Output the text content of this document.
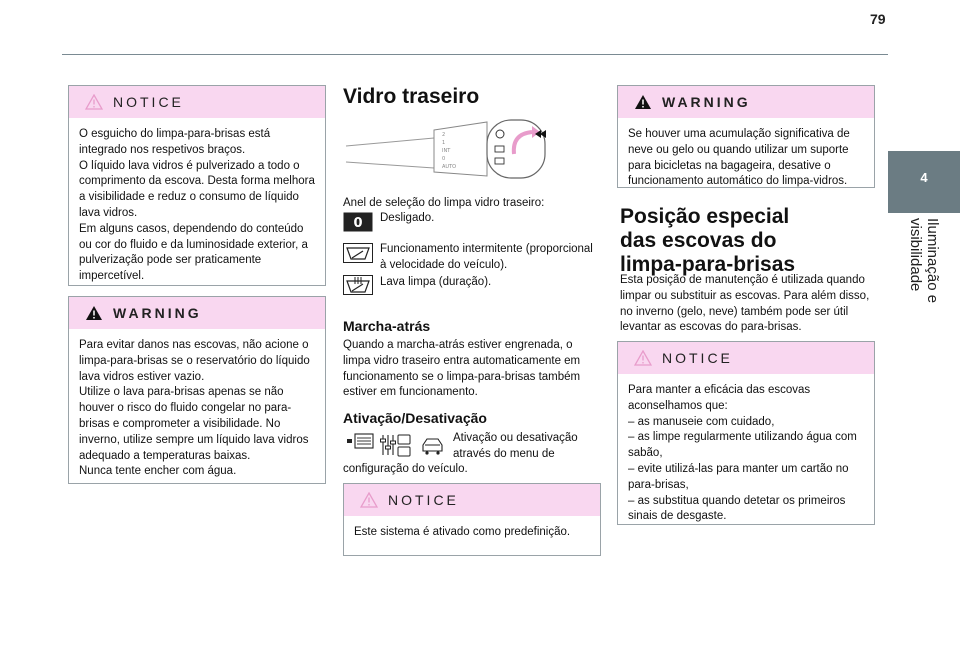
79
4
Iluminação e visibilidade
NOTICE

O esguicho do limpa-para-brisas está integrado nos respetivos braços.

O líquido lava vidros é pulverizado a todo o comprimento da escova. Desta forma melhora a visibilidade e reduz o consumo de líquido lava vidros.

Em alguns casos, dependendo do conteúdo ou cor do fluido e da luminosidade exterior, a pulverização pode ser praticamente impercetível.

WARNING

Para evitar danos nas escovas, não acione o limpa-para-brisas se o reservatório do líquido lava vidros estiver vazio.

Utilize o lava para-brisas apenas se não houver o risco do fluido congelar no para-brisas e comprometer a visibilidade. No inverno, utilize sempre um líquido lava vidros adequado a temperaturas baixas.

Nunca tente encher com água.

Vidro traseiro
2
1
INT
0
AUTO

Anel de seleção do limpa vidro traseiro:

0 Desligado.

Funcionamento intermitente (proporcional à velocidade do veículo).

Lava limpa (duração).

Marcha-atrás

Quando a marcha-atrás estiver engrenada, o limpa vidro traseiro entra automaticamente em funcionamento se o limpa-para-brisas também estiver em funcionamento.

Ativação/Desativação

Ativação ou desativação através do menu de

configuração do veículo.

NOTICE

Este sistema é ativado como predefinição.

WARNING

Se houver uma acumulação significativa de neve ou gelo ou quando utilizar um suporte para bicicletas na bagageira, desative o funcionamento automático do limpa-vidros.

Posição especial
das escovas do
limpa-para-brisas

Esta posição de manutenção é utilizada quando limpar ou substituir as escovas. Para além disso, no inverno (gelo, neve) também pode ser útil levantar as escovas do para-brisas.

NOTICE

Para manter a eficácia das escovas aconselhamos que:

– as manuseie com cuidado,

– as limpe regularmente utilizando água com sabão,

– evite utilizá-las para manter um cartão no para-brisas,

– as substitua quando detetar os primeiros sinais de desgaste.
